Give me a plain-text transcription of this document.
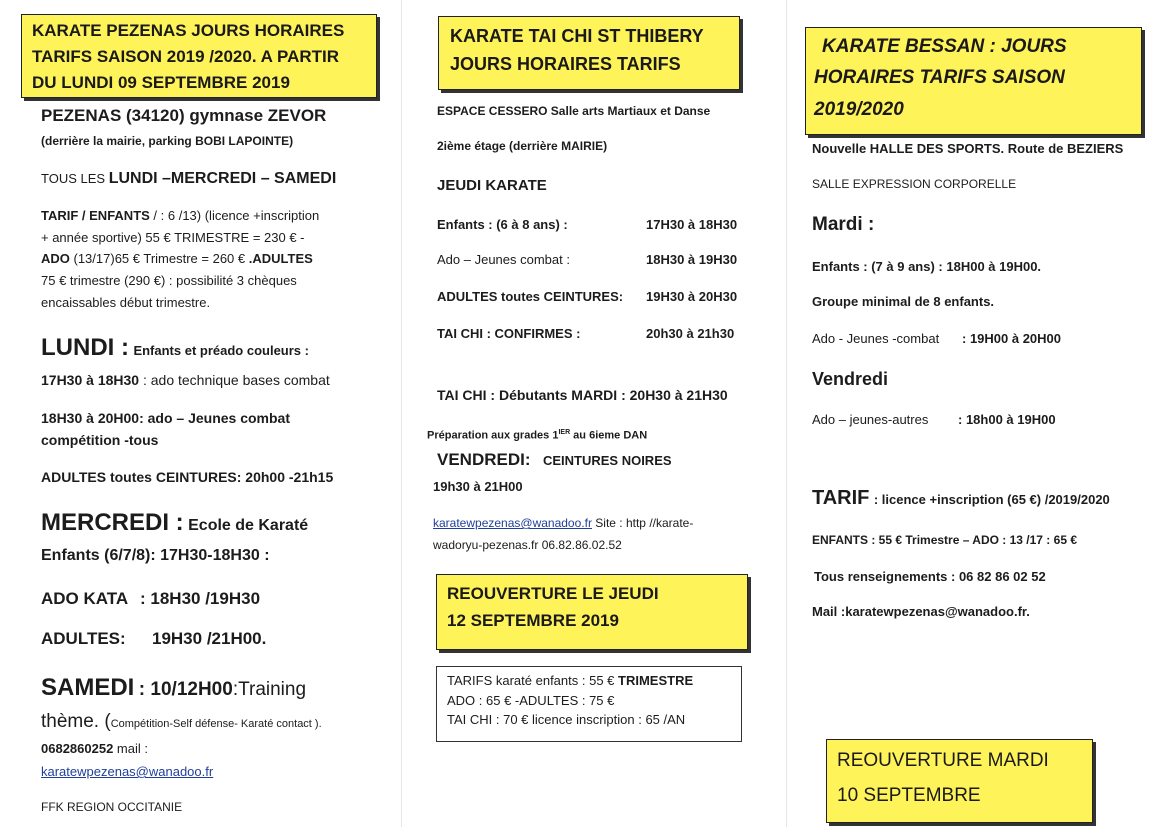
KARATE PEZENAS JOURS HORAIRES
TARIFS SAISON 2019 /2020. A PARTIR
DU LUNDI 09 SEPTEMBRE 2019
PEZENAS (34120) gymnase ZEVOR
(derrière la mairie, parking BOBI LAPOINTE)
TOUS LES LUNDI –MERCREDI – SAMEDI
TARIF / ENFANTS / : 6 /13) (licence +inscription
+ année sportive) 55 € TRIMESTRE = 230 € -
ADO (13/17)65 € Trimestre = 260 € .ADULTES
75 € trimestre (290 €) : possibilité 3 chèques
encaissables début trimestre.
LUNDI : Enfants et préado couleurs :
17H30 à 18H30 : ado technique bases combat
18H30 à 20H00: ado – Jeunes combat
compétition -tous
ADULTES toutes CEINTURES: 20h00 -21h15
MERCREDI : Ecole de Karaté
Enfants (6/7/8): 17H30-18H30 :
ADO KATA : 18H30 /19H30
ADULTES: 19H30 /21H00.
SAMEDI : 10/12H00:Training
thème. (Compétition-Self défense- Karaté contact ).
0682860252 mail :
karatewpezenas@wanadoo.fr
FFK REGION OCCITANIE
KARATE TAI CHI ST THIBERY
JOURS HORAIRES TARIFS
ESPACE CESSERO Salle arts Martiaux et Danse
2ième étage (derrière MAIRIE)
JEUDI KARATE
Enfants : (6 à 8 ans) :	17H30 à 18H30
Ado – Jeunes combat :	18H30 à 19H30
ADULTES toutes CEINTURES: 19H30 à 20H30
TAI CHI : CONFIRMES :	20h30 à 21h30
TAI CHI : Débutants MARDI : 20H30 à 21H30
Préparation aux grades $1^{IER}$ au 6ieme DAN
VENDREDI: CEINTURES NOIRES
19h30 à 21H00
karatewpezenas@wanadoo.fr Site : http //karate-
wadoryu-pezenas.fr 06.82.86.02.52
REOUVERTURE LE JEUDI
12 SEPTEMBRE 2019
TARIFS karaté enfants : 55 € TRIMESTRE
ADO : 65 € -ADULTES : 75 €
TAI CHI : 70 € licence inscription : 65 /AN
KARATE BESSAN : JOURS
HORAIRES TARIFS SAISON
2019/2020
Nouvelle HALLE DES SPORTS. Route de BEZIERS
SALLE EXPRESSION CORPORELLE
Mardi :
Enfants : (7 à 9 ans) : 18H00 à 19H00.
Groupe minimal de 8 enfants.
Ado - Jeunes -combat : 19H00 à 20H00
Vendredi
Ado – jeunes-autres : 18h00 à 19H00
TARIF : licence +inscription (65 €) /2019/2020
ENFANTS : 55 € Trimestre – ADO : 13 /17 : 65 €
Tous renseignements : 06 82 86 02 52
Mail :karatewpezenas@wanadoo.fr.
REOUVERTURE MARDI
10 SEPTEMBRE
